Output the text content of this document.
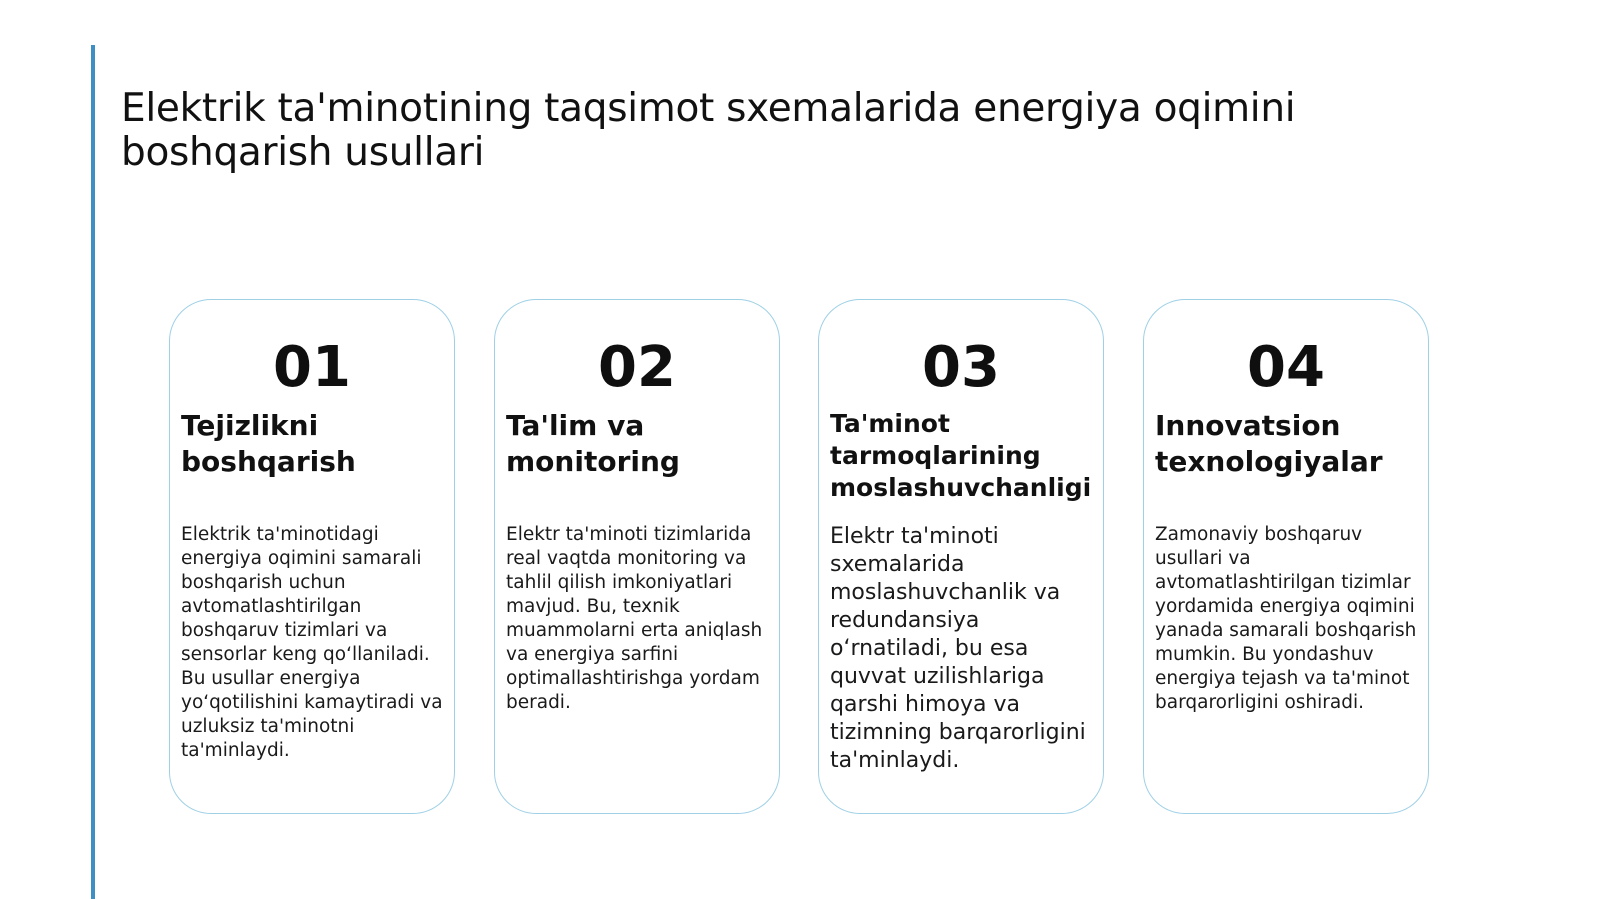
Elektrik ta'minotining taqsimot sxemalarida energiya oqimini boshqarish usullari
01
Tejizlikni boshqarish

Elektrik ta'minotidagi energiya oqimini samarali boshqarish uchun avtomatlashtirilgan boshqaruv tizimlari va sensorlar keng qo‘llaniladi. Bu usullar energiya yo‘qotilishini kamaytiradi va uzluksiz ta'minotni ta'minlaydi.

02
Ta'lim va monitoring

Elektr ta'minoti tizimlarida real vaqtda monitoring va tahlil qilish imkoniyatlari mavjud. Bu, texnik muammolarni erta aniqlash va energiya sarfini optimallashtirishga yordam beradi.

03
Ta'minot tarmoqlarining moslashuvchanligi

Elektr ta'minoti sxemalarida moslashuvchanlik va redundansiya o‘rnatiladi, bu esa quvvat uzilishlariga qarshi himoya va tizimning barqarorligini ta'minlaydi.

04
Innovatsion texnologiyalar

Zamonaviy boshqaruv usullari va avtomatlashtirilgan tizimlar yordamida energiya oqimini yanada samarali boshqarish mumkin. Bu yondashuv energiya tejash va ta'minot barqarorligini oshiradi.
